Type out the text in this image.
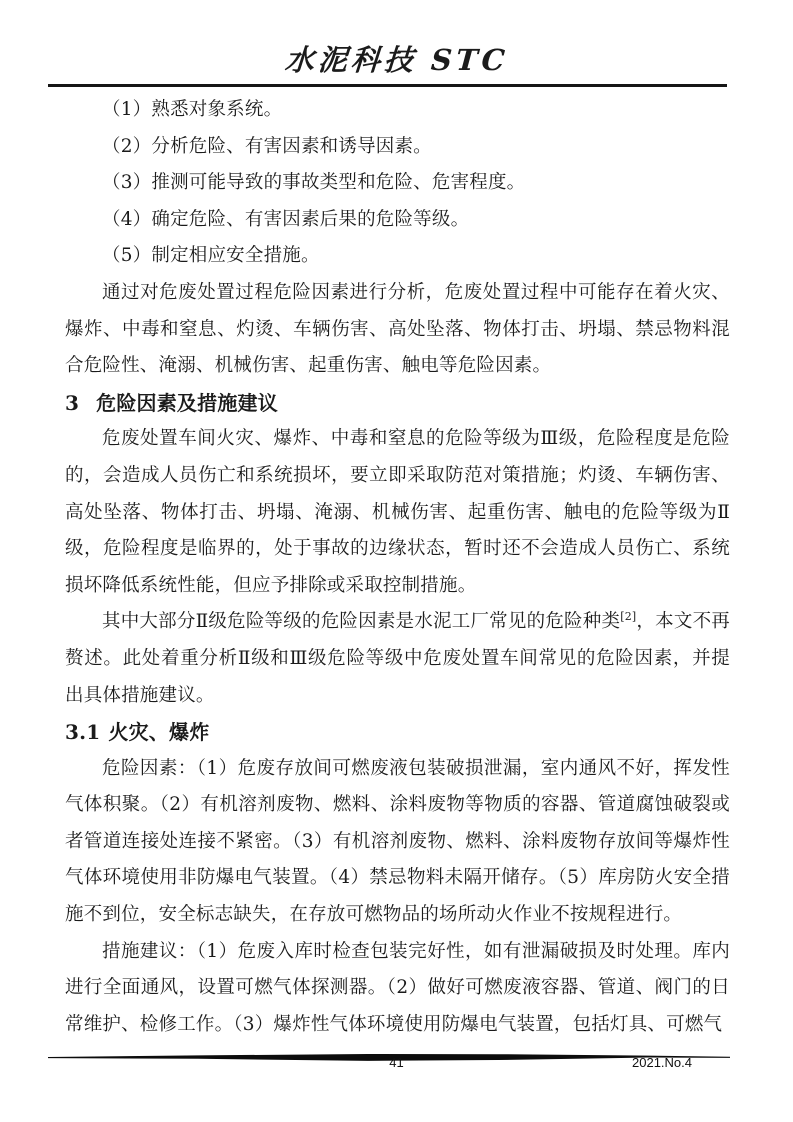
水泥科技 STC

（1）熟悉对象系统。

（2）分析危险、有害因素和诱导因素。

（3）推测可能导致的事故类型和危险、危害程度。

（4）确定危险、有害因素后果的危险等级。

（5）制定相应安全措施。

通过对危废处置过程危险因素进行分析，危废处置过程中可能存在着火灾、爆炸、中毒和窒息、灼烫、车辆伤害、高处坠落、物体打击、坍塌、禁忌物料混合危险性、淹溺、机械伤害、起重伤害、触电等危险因素。

3 危险因素及措施建议

危废处置车间火灾、爆炸、中毒和窒息的危险等级为Ⅲ级，危险程度是危险的，会造成人员伤亡和系统损坏，要立即采取防范对策措施；灼烫、车辆伤害、高处坠落、物体打击、坍塌、淹溺、机械伤害、起重伤害、触电的危险等级为Ⅱ级，危险程度是临界的，处于事故的边缘状态，暂时还不会造成人员伤亡、系统损坏降低系统性能，但应予排除或采取控制措施。

其中大部分Ⅱ级危险等级的危险因素是水泥工厂常见的危险种类[2]，本文不再赘述。此处着重分析Ⅱ级和Ⅲ级危险等级中危废处置车间常见的危险因素，并提出具体措施建议。

3.1 火灾、爆炸

危险因素：（1）危废存放间可燃废液包装破损泄漏，室内通风不好，挥发性气体积聚。（2）有机溶剂废物、燃料、涂料废物等物质的容器、管道腐蚀破裂或者管道连接处连接不紧密。（3）有机溶剂废物、燃料、涂料废物存放间等爆炸性气体环境使用非防爆电气装置。（4）禁忌物料未隔开储存。（5）库房防火安全措施不到位，安全标志缺失，在存放可燃物品的场所动火作业不按规程进行。

措施建议：（1）危废入库时检查包装完好性，如有泄漏破损及时处理。库内进行全面通风，设置可燃气体探测器。（2）做好可燃废液容器、管道、阀门的日常维护、检修工作。（3）爆炸性气体环境使用防爆电气装置，包括灯具、可燃气

41	2021.No.4
